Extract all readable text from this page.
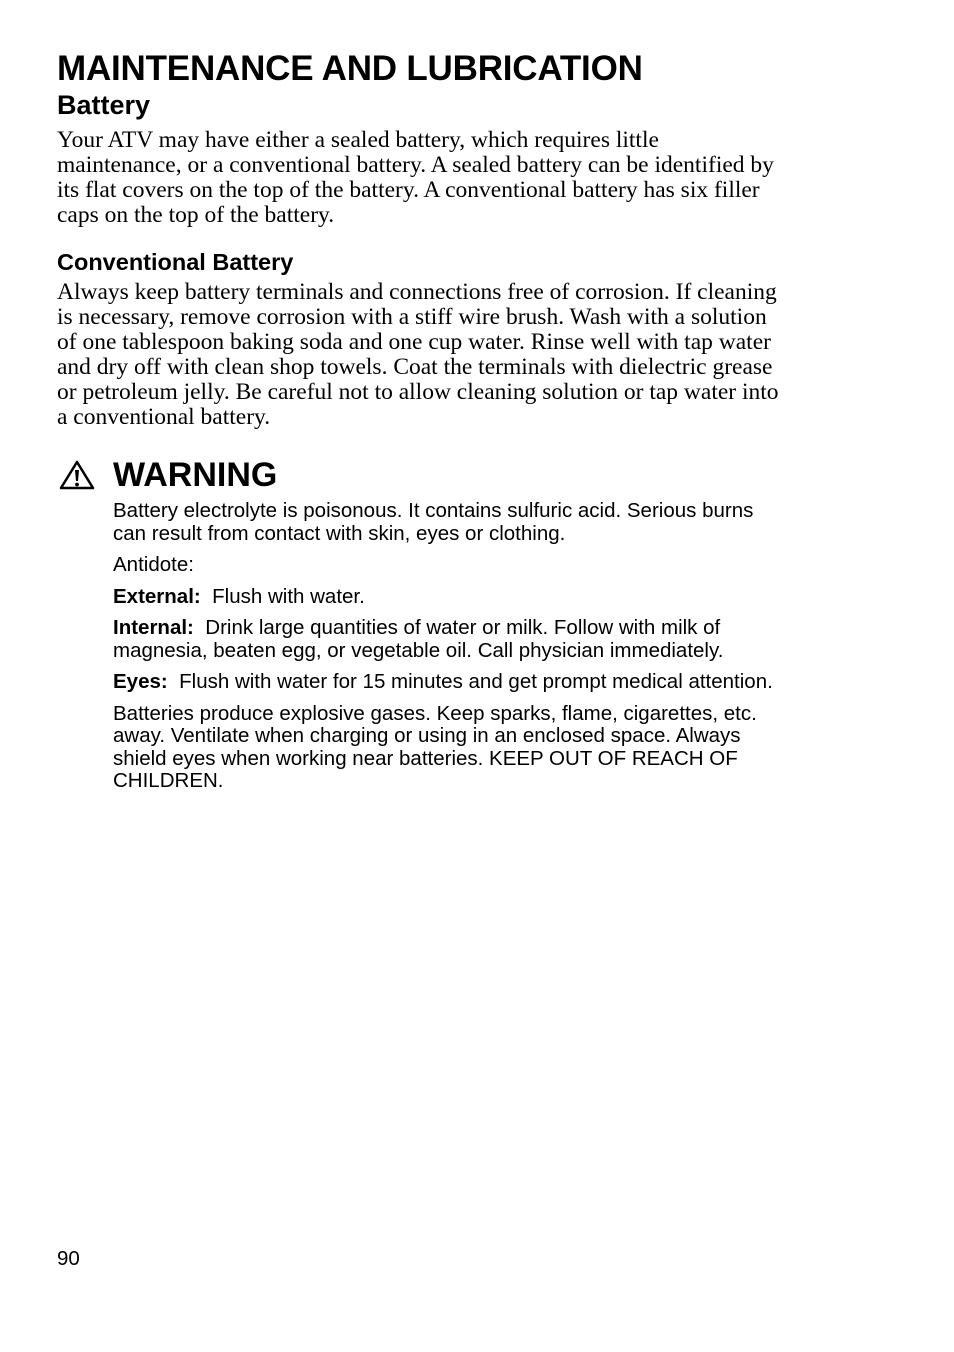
MAINTENANCE AND LUBRICATION
Battery

Your ATV may have either a sealed battery, which requires little maintenance, or a conventional battery. A sealed battery can be identified by its flat covers on the top of the battery. A conventional battery has six filler caps on the top of the battery.

Conventional Battery

Always keep battery terminals and connections free of corrosion. If cleaning is necessary, remove corrosion with a stiff wire brush. Wash with a solution of one tablespoon baking soda and one cup water. Rinse well with tap water and dry off with clean shop towels. Coat the terminals with dielectric grease or petroleum jelly. Be careful not to allow cleaning solution or tap water into a conventional battery.

WARNING

Battery electrolyte is poisonous. It contains sulfuric acid. Serious burns can result from contact with skin, eyes or clothing.

Antidote:

External: Flush with water.

Internal: Drink large quantities of water or milk. Follow with milk of magnesia, beaten egg, or vegetable oil. Call physician immediately.

Eyes: Flush with water for 15 minutes and get prompt medical attention.

Batteries produce explosive gases. Keep sparks, flame, cigarettes, etc. away. Ventilate when charging or using in an enclosed space. Always shield eyes when working near batteries. KEEP OUT OF REACH OF CHILDREN.

90
